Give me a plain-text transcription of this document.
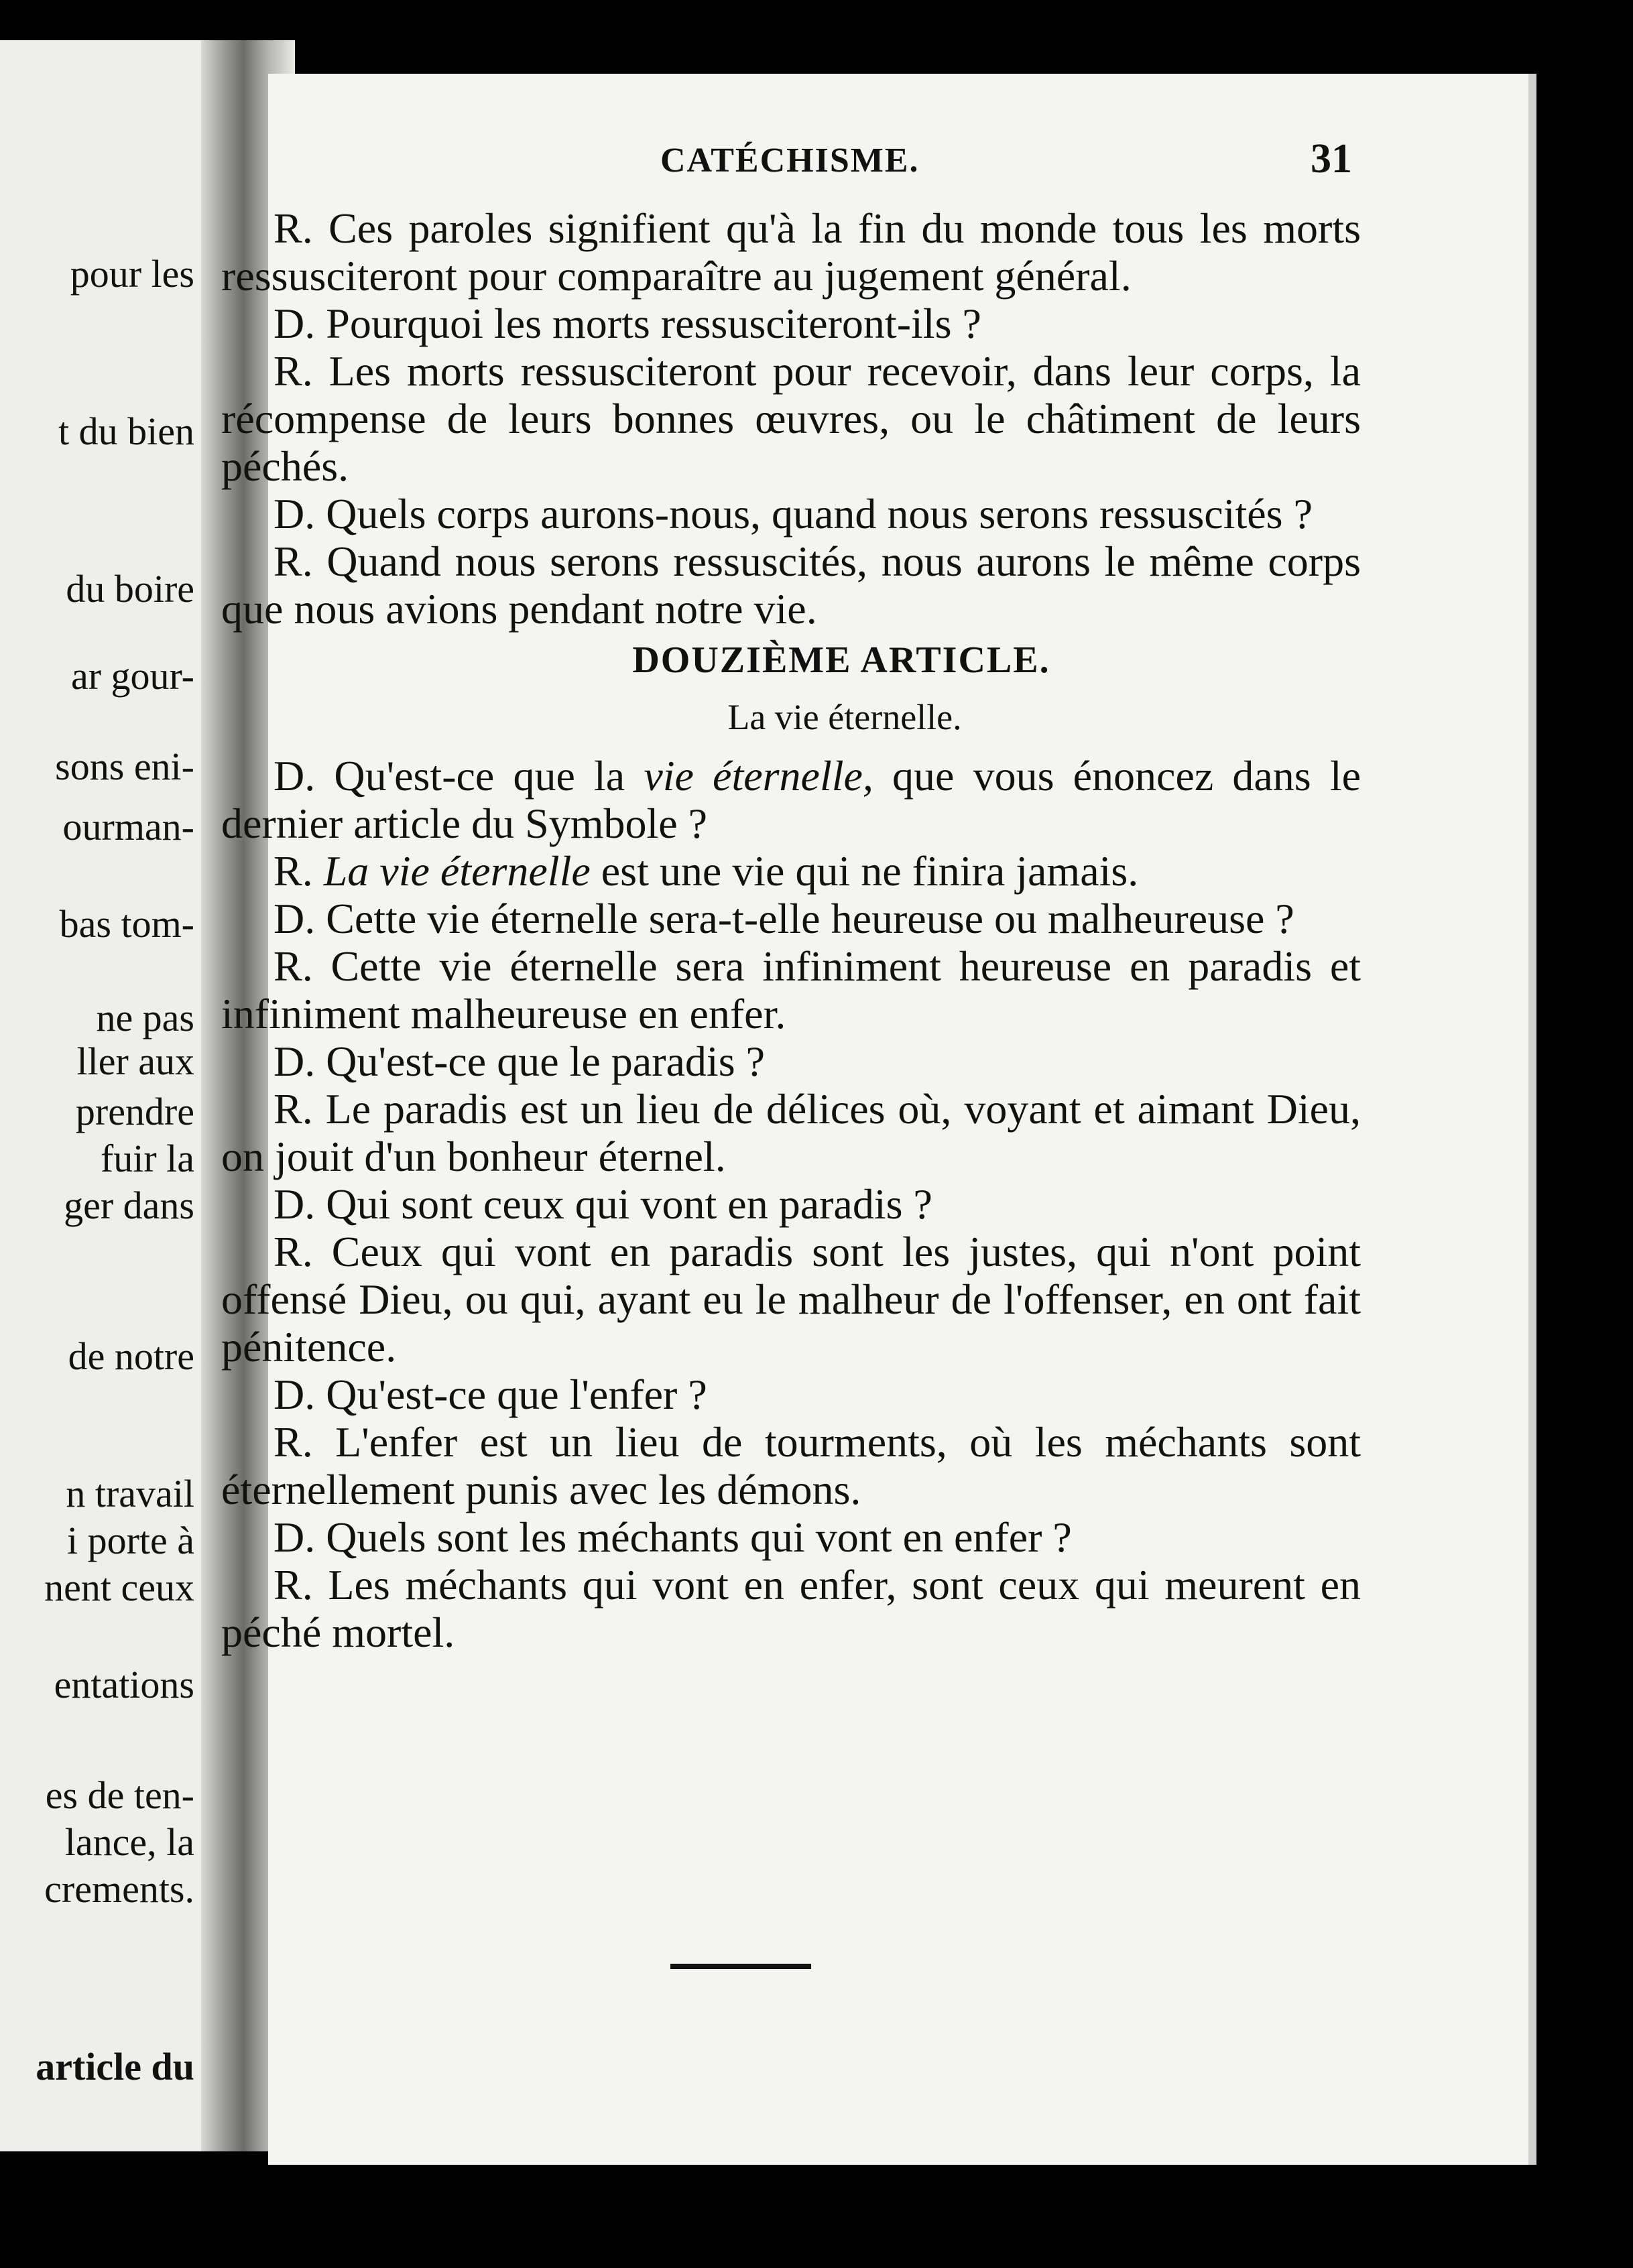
pour les
t du bien
du boire
ar gour-
sons eni-
ourman-
bas tom-
ne pas
ller aux
prendre
fuir la
ger dans
de notre
n travail
i porte à
nent ceux
entations
es de ten-
lance, la
crements.
article du
CATÉCHISME.	31

R. Ces paroles signifient qu'à la fin du monde tous les morts ressusciteront pour comparaître au jugement général.

D. Pourquoi les morts ressusciteront-ils ?

R. Les morts ressusciteront pour recevoir, dans leur corps, la récompense de leurs bonnes œuvres, ou le châtiment de leurs péchés.

D. Quels corps aurons-nous, quand nous serons ressuscités ?

R. Quand nous serons ressuscités, nous aurons le même corps que nous avions pendant notre vie.

DOUZIÈME ARTICLE.

La vie éternelle.

D. Qu'est-ce que la vie éternelle, que vous énoncez dans le dernier article du Symbole ?

R. La vie éternelle est une vie qui ne finira jamais.

D. Cette vie éternelle sera-t-elle heureuse ou malheureuse ?

R. Cette vie éternelle sera infiniment heureuse en paradis et infiniment malheureuse en enfer.

D. Qu'est-ce que le paradis ?

R. Le paradis est un lieu de délices où, voyant et aimant Dieu, on jouit d'un bonheur éternel.

D. Qui sont ceux qui vont en paradis ?

R. Ceux qui vont en paradis sont les justes, qui n'ont point offensé Dieu, ou qui, ayant eu le malheur de l'offenser, en ont fait pénitence.

D. Qu'est-ce que l'enfer ?

R. L'enfer est un lieu de tourments, où les méchants sont éternellement punis avec les démons.

D. Quels sont les méchants qui vont en enfer ?

R. Les méchants qui vont en enfer, sont ceux qui meurent en péché mortel.
